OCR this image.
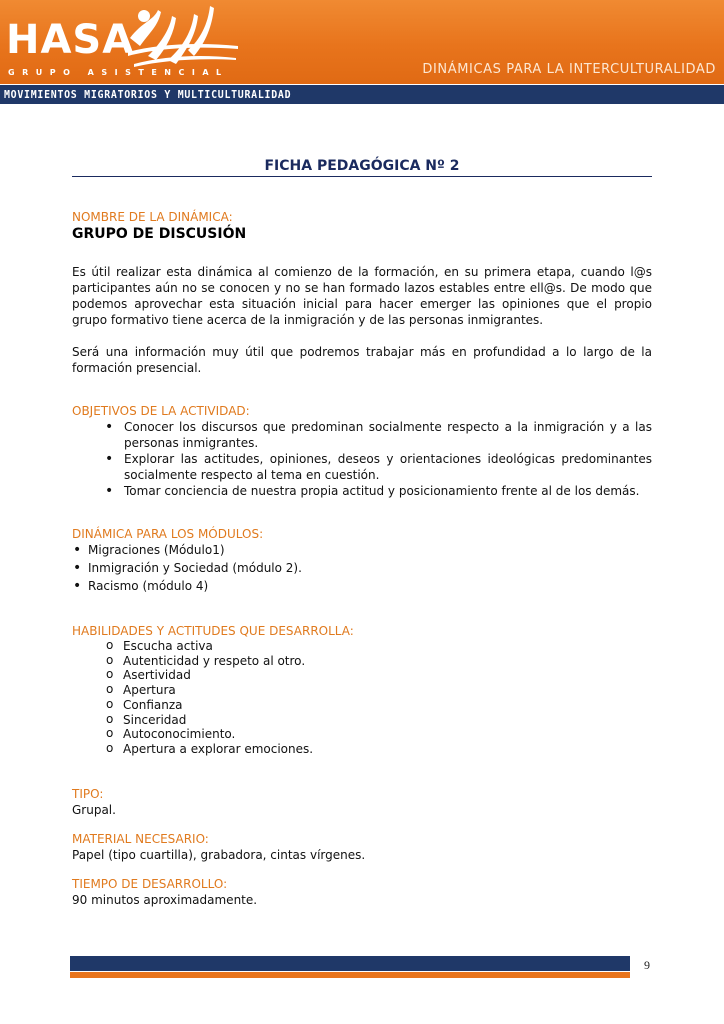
HASA
GRUPO ASISTENCIAL	DINÁMICAS PARA LA INTERCULTURALIDAD
MOVIMIENTOS MIGRATORIOS Y MULTICULTURALIDAD
FICHA PEDAGÓGICA Nº 2
NOMBRE DE LA DINÁMICA:
GRUPO DE DISCUSIÓN

Es útil realizar esta dinámica al comienzo de la formación, en su primera etapa, cuando l@s participantes aún no se conocen y no se han formado lazos estables entre ell@s. De modo que podemos aprovechar esta situación inicial para hacer emerger las opiniones que el propio grupo formativo tiene acerca de la inmigración y de las personas inmigrantes.

Será una información muy útil que podremos trabajar más en profundidad a lo largo de la formación presencial.

OBJETIVOS DE LA ACTIVIDAD:
• Conocer los discursos que predominan socialmente respecto a la inmigración y a las personas inmigrantes.
• Explorar las actitudes, opiniones, deseos y orientaciones ideológicas predominantes socialmente respecto al tema en cuestión.
• Tomar conciencia de nuestra propia actitud y posicionamiento frente al de los demás.
DINÁMICA PARA LOS MÓDULOS:
• Migraciones (Módulo1)
• Inmigración y Sociedad (módulo 2).
• Racismo (módulo 4)
HABILIDADES Y ACTITUDES QUE DESARROLLA:
o Escucha activa
o Autenticidad y respeto al otro.
o Asertividad
o Apertura
o Confianza
o Sinceridad
o Autoconocimiento.
o Apertura a explorar emociones.
TIPO:
Grupal.
MATERIAL NECESARIO:
Papel (tipo cuartilla), grabadora, cintas vírgenes.
TIEMPO DE DESARROLLO:
90 minutos aproximadamente.
9
